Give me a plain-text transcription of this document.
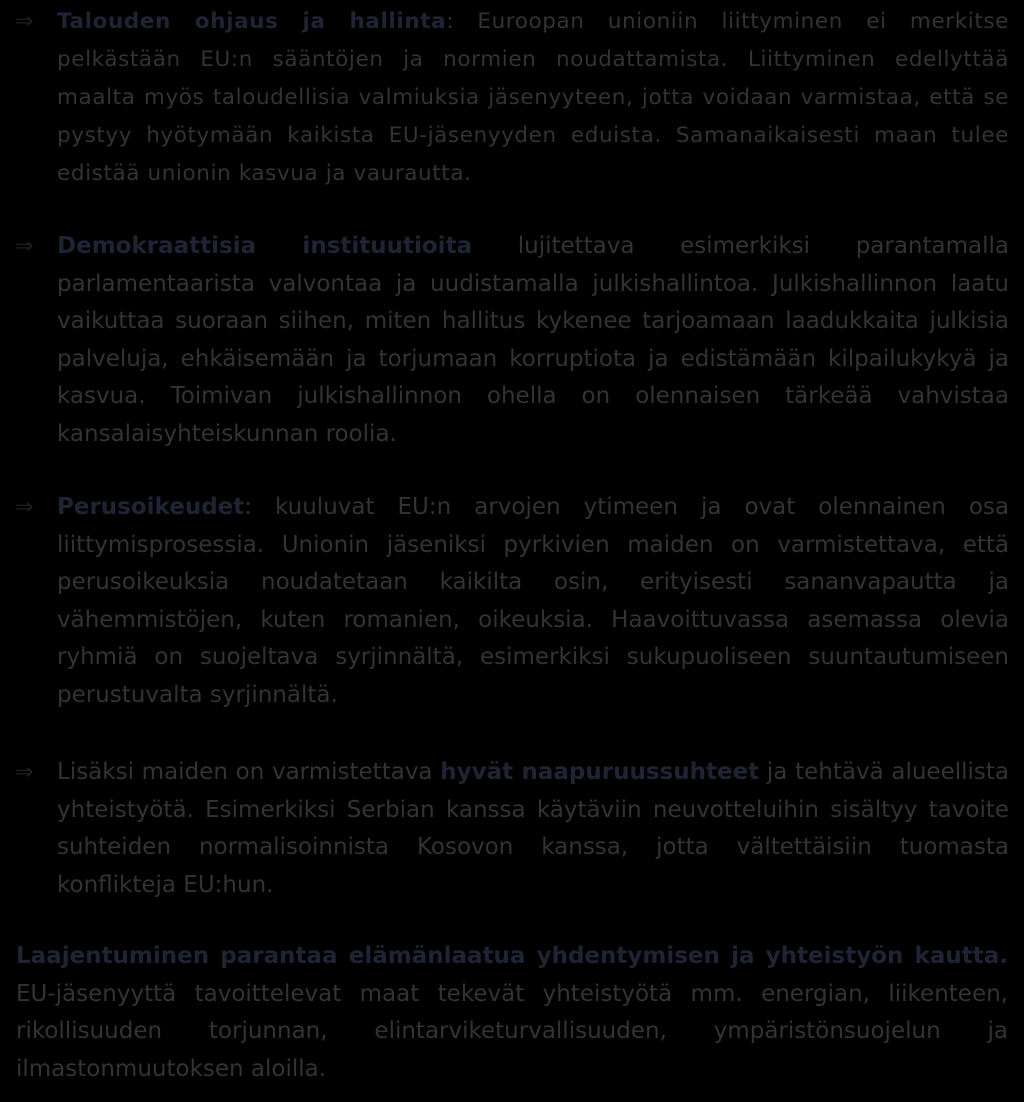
⇒	Talouden ohjaus ja hallinta: Euroopan unioniin liittyminen ei merkitse pelkästään EU:n sääntöjen ja normien noudattamista. Liittyminen edellyttää maalta myös taloudellisia valmiuksia jäsenyyteen, jotta voidaan varmistaa, että se pystyy hyötymään kaikista EU-jäsenyyden eduista. Samanaikaisesti maan tulee edistää unionin kasvua ja vaurautta.
⇒	Demokraattisia instituutioita lujitettava esimerkiksi parantamalla parlamentaarista valvontaa ja uudistamalla julkishallintoa. Julkishallinnon laatu vaikuttaa suoraan siihen, miten hallitus kykenee tarjoamaan laadukkaita julkisia palveluja, ehkäisemään ja torjumaan korruptiota ja edistämään kilpailukykyä ja kasvua. Toimivan julkishallinnon ohella on olennaisen tärkeää vahvistaa kansalaisyhteiskunnan roolia.
⇒	Perusoikeudet: kuuluvat EU:n arvojen ytimeen ja ovat olennainen osa liittymisprosessia. Unionin jäseniksi pyrkivien maiden on varmistettava, että perusoikeuksia noudatetaan kaikilta osin, erityisesti sananvapautta ja vähemmistöjen, kuten romanien, oikeuksia. Haavoittuvassa asemassa olevia ryhmiä on suojeltava syrjinnältä, esimerkiksi sukupuoliseen suuntautumiseen perustuvalta syrjinnältä.
⇒	Lisäksi maiden on varmistettava hyvät naapuruussuhteet ja tehtävä alueellista yhteistyötä. Esimerkiksi Serbian kanssa käytäviin neuvotteluihin sisältyy tavoite suhteiden normalisoinnista Kosovon kanssa, jotta vältettäisiin tuomasta konflikteja EU:hun.
Laajentuminen parantaa elämänlaatua yhdentymisen ja yhteistyön kautta. EU-jäsenyyttä tavoittelevat maat tekevät yhteistyötä mm. energian, liikenteen, rikollisuuden torjunnan, elintarviketurvallisuuden, ympäristönsuojelun ja ilmastonmuutoksen aloilla.
